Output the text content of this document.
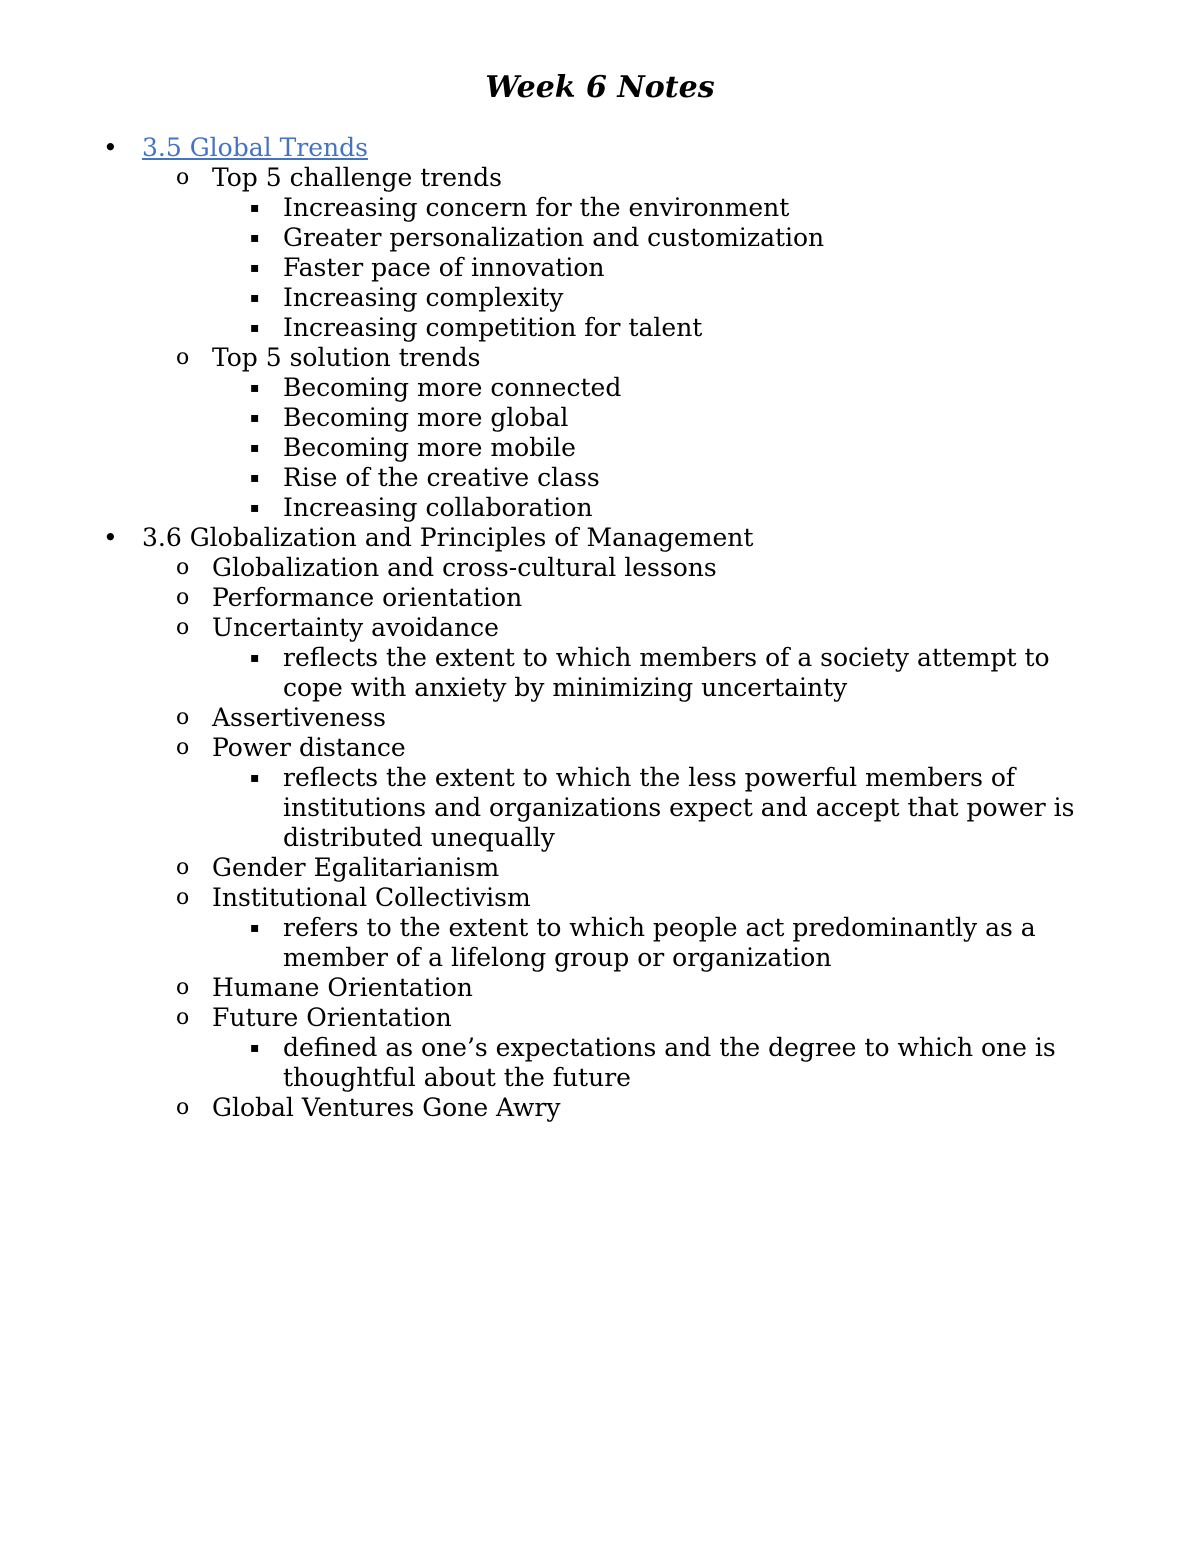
Week 6 Notes
• 3.5 Global Trends
o Top 5 challenge trends
▪ Increasing concern for the environment
▪ Greater personalization and customization
▪ Faster pace of innovation
▪ Increasing complexity
▪ Increasing competition for talent
o Top 5 solution trends
▪ Becoming more connected
▪ Becoming more global
▪ Becoming more mobile
▪ Rise of the creative class
▪ Increasing collaboration
• 3.6 Globalization and Principles of Management
o Globalization and cross-cultural lessons
o Performance orientation
o Uncertainty avoidance
▪ reflects the extent to which members of a society attempt to cope with anxiety by minimizing uncertainty
o Assertiveness
o Power distance
▪ reflects the extent to which the less powerful members of institutions and organizations expect and accept that power is distributed unequally
o Gender Egalitarianism
o Institutional Collectivism
▪ refers to the extent to which people act predominantly as a member of a lifelong group or organization
o Humane Orientation
o Future Orientation
▪ defined as one’s expectations and the degree to which one is thoughtful about the future
o Global Ventures Gone Awry
